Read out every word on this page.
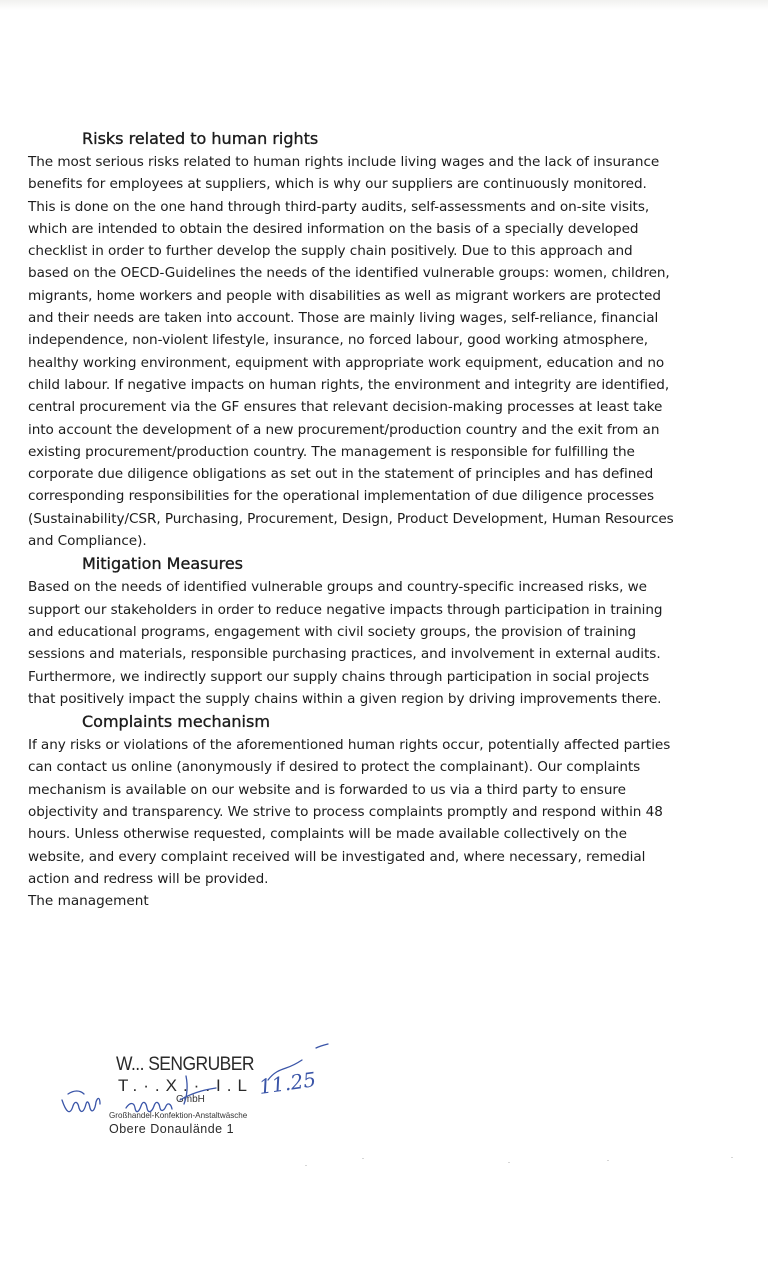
Risks related to human rights

The most serious risks related to human rights include living wages and the lack of insurance
benefits for employees at suppliers, which is why our suppliers are continuously monitored.
This is done on the one hand through third-party audits, self-assessments and on-site visits,
which are intended to obtain the desired information on the basis of a specially developed
checklist in order to further develop the supply chain positively. Due to this approach and
based on the OECD-Guidelines the needs of the identified vulnerable groups: women, children,
migrants, home workers and people with disabilities as well as migrant workers are protected
and their needs are taken into account. Those are mainly living wages, self-reliance, financial
independence, non-violent lifestyle, insurance, no forced labour, good working atmosphere,
healthy working environment, equipment with appropriate work equipment, education and no
child labour. If negative impacts on human rights, the environment and integrity are identified,
central procurement via the GF ensures that relevant decision-making processes at least take
into account the development of a new procurement/production country and the exit from an
existing procurement/production country. The management is responsible for fulfilling the
corporate due diligence obligations as set out in the statement of principles and has defined
corresponding responsibilities for the operational implementation of due diligence processes
(Sustainability/CSR, Purchasing, Procurement, Design, Product Development, Human Resources
and Compliance).

Mitigation Measures

Based on the needs of identified vulnerable groups and country-specific increased risks, we
support our stakeholders in order to reduce negative impacts through participation in training
and educational programs, engagement with civil society groups, the provision of training
sessions and materials, responsible purchasing practices, and involvement in external audits.
Furthermore, we indirectly support our supply chains through participation in social projects
that positively impact the supply chains within a given region by driving improvements there.

Complaints mechanism

If any risks or violations of the aforementioned human rights occur, potentially affected parties
can contact us online (anonymously if desired to protect the complainant). Our complaints
mechanism is available on our website and is forwarded to us via a third party to ensure
objectivity and transparency. We strive to process complaints promptly and respond within 48
hours. Unless otherwise requested, complaints will be made available collectively on the
website, and every complaint received will be investigated and, where necessary, remedial
action and redress will be provided.

The management

W... SENGRUBER
T.·.X.·.I.L
GmbH
Großhandel-Konfektion-Anstaltwäsche
Obere Donaulände 1
11.25
